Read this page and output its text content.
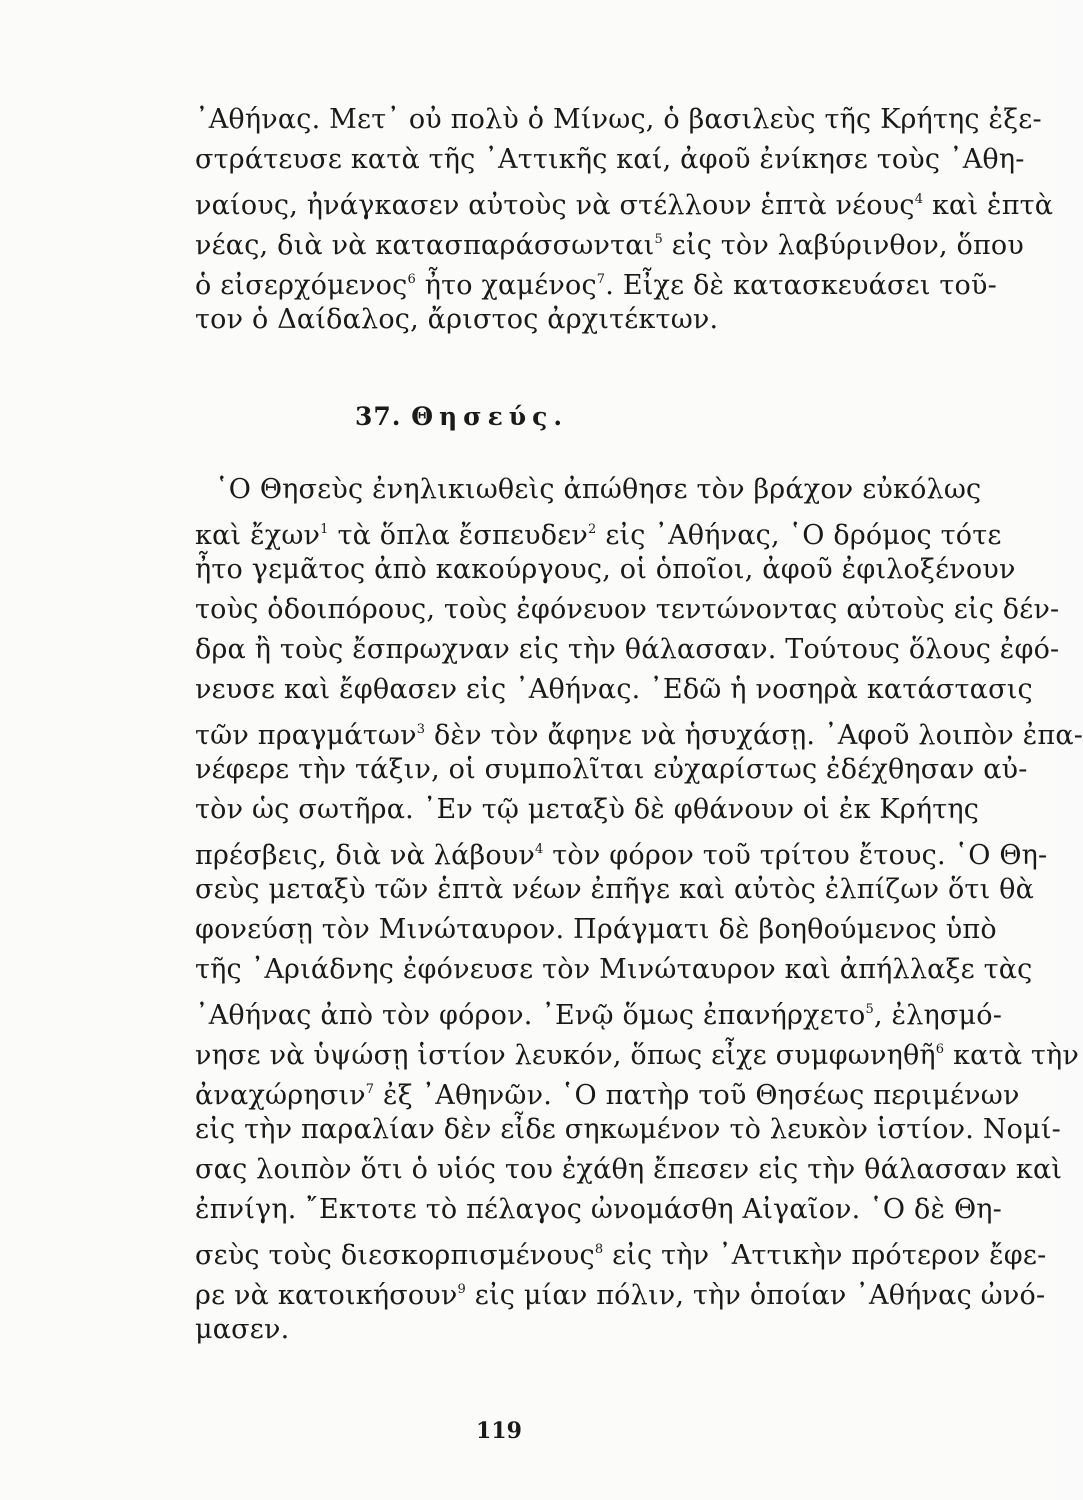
᾿Αθήνας. Μετ᾿ οὐ πολὺ ὁ Μίνως, ὁ βασιλεὺς τῆς Κρήτης ἐξε-
στράτευσε κατὰ τῆς ᾿Αττικῆς καί, ἀφοῦ ἐνίκησε τοὺς ᾿Αθη-
ναίους, ἠνάγκασεν αὐτοὺς νὰ στέλλουν ἑπτὰ νέους$^4$ καὶ ἑπτὰ
νέας, διὰ νὰ κατασπαράσσωνται$^5$ εἰς τὸν λαβύρινθον, ὅπου
ὁ εἰσερχόμενος$^6$ ἦτο χαμένος$^7$. Εἶχε δὲ κατασκευάσει τοῦ-
τον ὁ Δαίδαλος, ἄριστος ἀρχιτέκτων.
37. Θησεύς.
῾Ο Θησεὺς ἐνηλικιωθεὶς ἀπώθησε τὸν βράχον εὐκόλως
καὶ ἔχων$^1$ τὰ ὅπλα ἔσπευδεν$^2$ εἰς ᾿Αθήνας, ῾Ο δρόμος τότε
ἦτο γεμᾶτος ἀπὸ κακούργους, οἱ ὁποῖοι, ἀφοῦ ἐφιλοξένουν
τοὺς ὁδοιπόρους, τοὺς ἐφόνευον τεντώνοντας αὐτοὺς εἰς δέν-
δρα ἢ τοὺς ἔσπρωχναν εἰς τὴν θάλασσαν. Τούτους ὅλους ἐφό-
νευσε καὶ ἔφθασεν εἰς ᾿Αθήνας. ᾿Εδῶ ἡ νοσηρὰ κατάστασις
τῶν πραγμάτων$^3$ δὲν τὸν ἄφηνε νὰ ἡσυχάσῃ. ᾿Αφοῦ λοιπὸν ἐπα-
νέφερε τὴν τάξιν, οἱ συμπολῖται εὐχαρίστως ἐδέχθησαν αὐ-
τὸν ὡς σωτῆρα. ᾿Εν τῷ μεταξὺ δὲ φθάνουν οἱ ἐκ Κρήτης
πρέσβεις, διὰ νὰ λάβουν$^4$ τὸν φόρον τοῦ τρίτου ἔτους. ῾Ο Θη-
σεὺς μεταξὺ τῶν ἑπτὰ νέων ἐπῆγε καὶ αὐτὸς ἐλπίζων ὅτι θὰ
φονεύσῃ τὸν Μινώταυρον. Πράγματι δὲ βοηθούμενος ὑπὸ
τῆς ᾿Αριάδνης ἐφόνευσε τὸν Μινώταυρον καὶ ἀπήλλαξε τὰς
᾿Αθήνας ἀπὸ τὸν φόρον. ᾿Ενῷ ὅμως ἐπανήρχετο$^5$, ἐλησμό-
νησε νὰ ὑψώσῃ ἱστίον λευκόν, ὅπως εἶχε συμφωνηθῆ$^6$ κατὰ τὴν
ἀναχώρησιν$^7$ ἐξ ᾿Αθηνῶν. ῾Ο πατὴρ τοῦ Θησέως περιμένων
εἰς τὴν παραλίαν δὲν εἶδε σηκωμένον τὸ λευκὸν ἱστίον. Νομί-
σας λοιπὸν ὅτι ὁ υἱός του ἐχάθη ἔπεσεν εἰς τὴν θάλασσαν καὶ
ἐπνίγη. ῎Εκτοτε τὸ πέλαγος ὠνομάσθη Αἰγαῖον. ῾Ο δὲ Θη-
σεὺς τοὺς διεσκορπισμένους$^8$ εἰς τὴν ᾿Αττικὴν πρότερον ἔφε-
ρε νὰ κατοικήσουν$^9$ εἰς μίαν πόλιν, τὴν ὁποίαν ᾿Αθήνας ὠνό-
μασεν.
119
